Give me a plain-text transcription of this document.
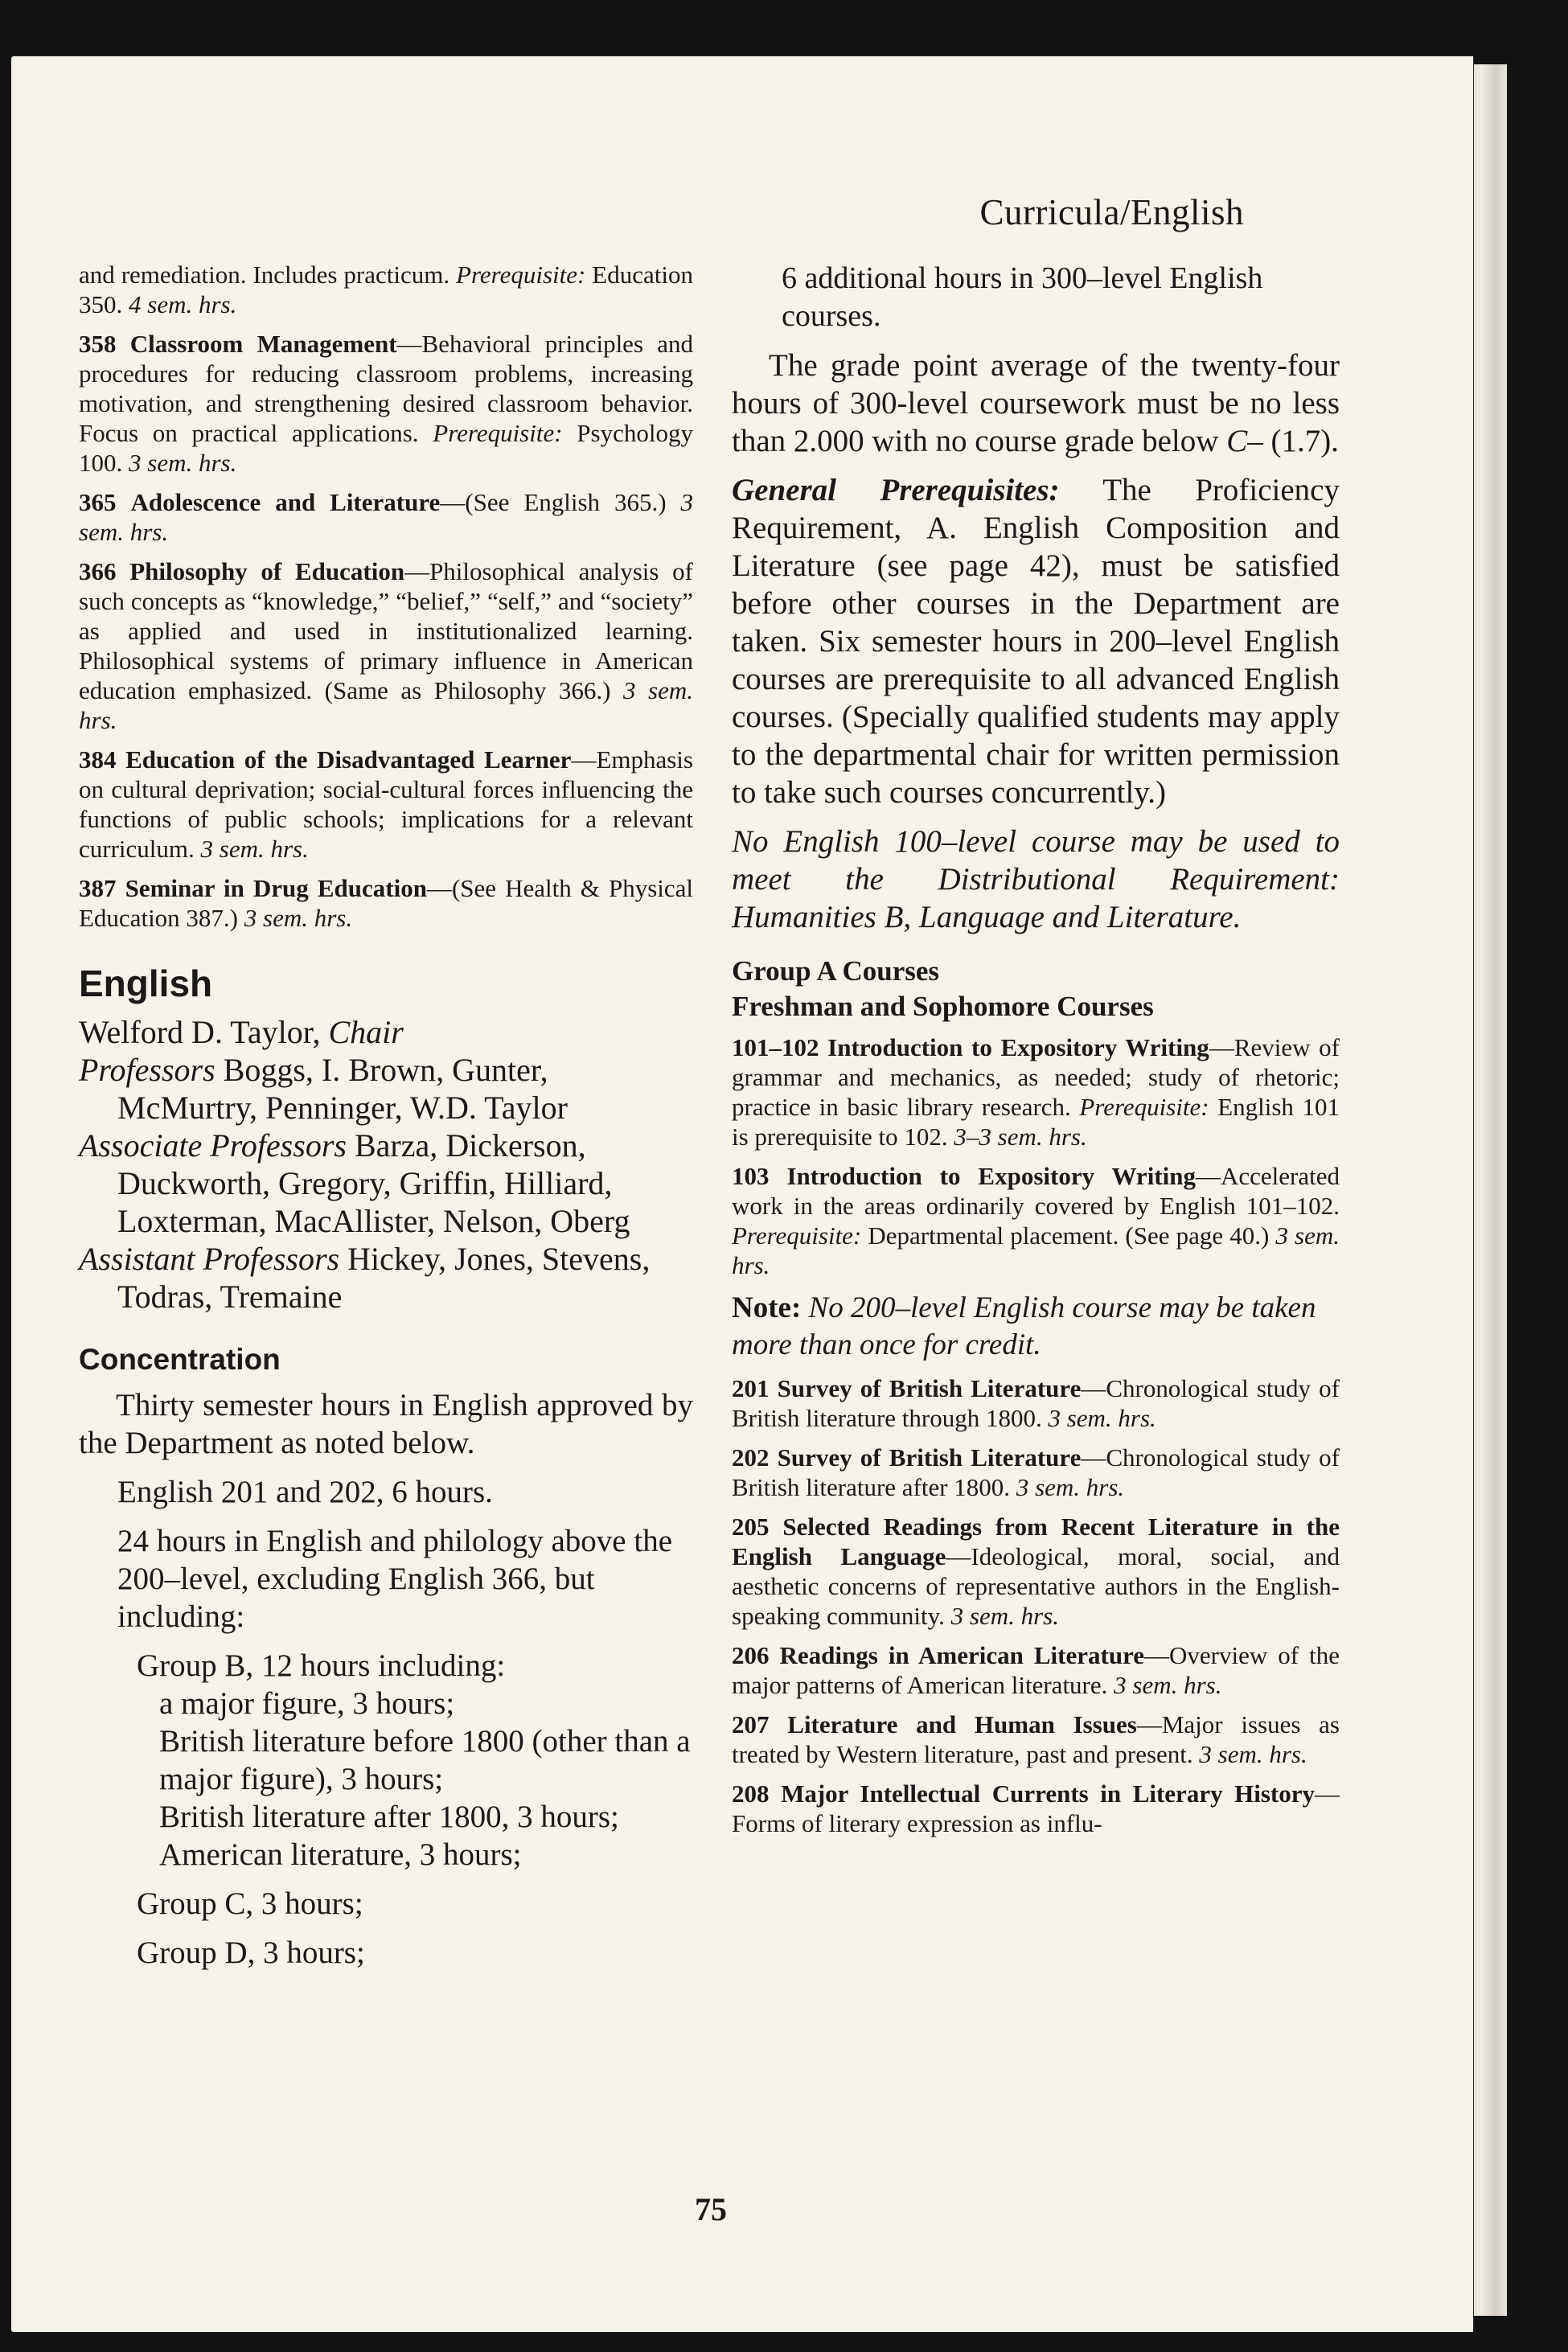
Curricula/English

and remediation. Includes practicum. Prerequisite: Education 350. 4 sem. hrs.

358 Classroom Management—Behavioral principles and procedures for reducing classroom problems, increasing motivation, and strengthening desired classroom behavior. Focus on practical applications. Prerequisite: Psychology 100. 3 sem. hrs.

365 Adolescence and Literature—(See English 365.) 3 sem. hrs.

366 Philosophy of Education—Philosophical analysis of such concepts as “knowledge,” “belief,” “self,” and “society” as applied and used in institutionalized learning. Philosophical systems of primary influence in American education emphasized. (Same as Philosophy 366.) 3 sem. hrs.

384 Education of the Disadvantaged Learner—Emphasis on cultural deprivation; social-cultural forces influencing the functions of public schools; implications for a relevant curriculum. 3 sem. hrs.

387 Seminar in Drug Education—(See Health & Physical Education 387.) 3 sem. hrs.

English

Welford D. Taylor, Chair

Professors Boggs, I. Brown, Gunter, McMurtry, Penninger, W.D. Taylor

Associate Professors Barza, Dickerson, Duckworth, Gregory, Griffin, Hilliard, Loxterman, MacAllister, Nelson, Oberg

Assistant Professors Hickey, Jones, Stevens, Todras, Tremaine

Concentration

Thirty semester hours in English approved by the Department as noted below.

English 201 and 202, 6 hours.

24 hours in English and philology above the 200–level, excluding English 366, but including:

Group B, 12 hours including:

a major figure, 3 hours;

British literature before 1800 (other than a major figure), 3 hours;

British literature after 1800, 3 hours;

American literature, 3 hours;

Group C, 3 hours;

Group D, 3 hours;

6 additional hours in 300–level English courses.

The grade point average of the twenty-four hours of 300-level coursework must be no less than 2.000 with no course grade below C– (1.7).

General Prerequisites: The Proficiency Requirement, A. English Composition and Literature (see page 42), must be satisfied before other courses in the Department are taken. Six semester hours in 200–level English courses are prerequisite to all advanced English courses. (Specially qualified students may apply to the departmental chair for written permission to take such courses concurrently.)

No English 100–level course may be used to meet the Distributional Requirement: Humanities B, Language and Literature.

Group A Courses
Freshman and Sophomore Courses

101–102 Introduction to Expository Writing—Review of grammar and mechanics, as needed; study of rhetoric; practice in basic library research. Prerequisite: English 101 is prerequisite to 102. 3–3 sem. hrs.

103 Introduction to Expository Writing—Accelerated work in the areas ordinarily covered by English 101–102. Prerequisite: Departmental placement. (See page 40.) 3 sem. hrs.

Note: No 200–level English course may be taken more than once for credit.

201 Survey of British Literature—Chronological study of British literature through 1800. 3 sem. hrs.

202 Survey of British Literature—Chronological study of British literature after 1800. 3 sem. hrs.

205 Selected Readings from Recent Literature in the English Language—Ideological, moral, social, and aesthetic concerns of representative authors in the English-speaking community. 3 sem. hrs.

206 Readings in American Literature—Overview of the major patterns of American literature. 3 sem. hrs.

207 Literature and Human Issues—Major issues as treated by Western literature, past and present. 3 sem. hrs.

208 Major Intellectual Currents in Literary History—Forms of literary expression as influ-

75
